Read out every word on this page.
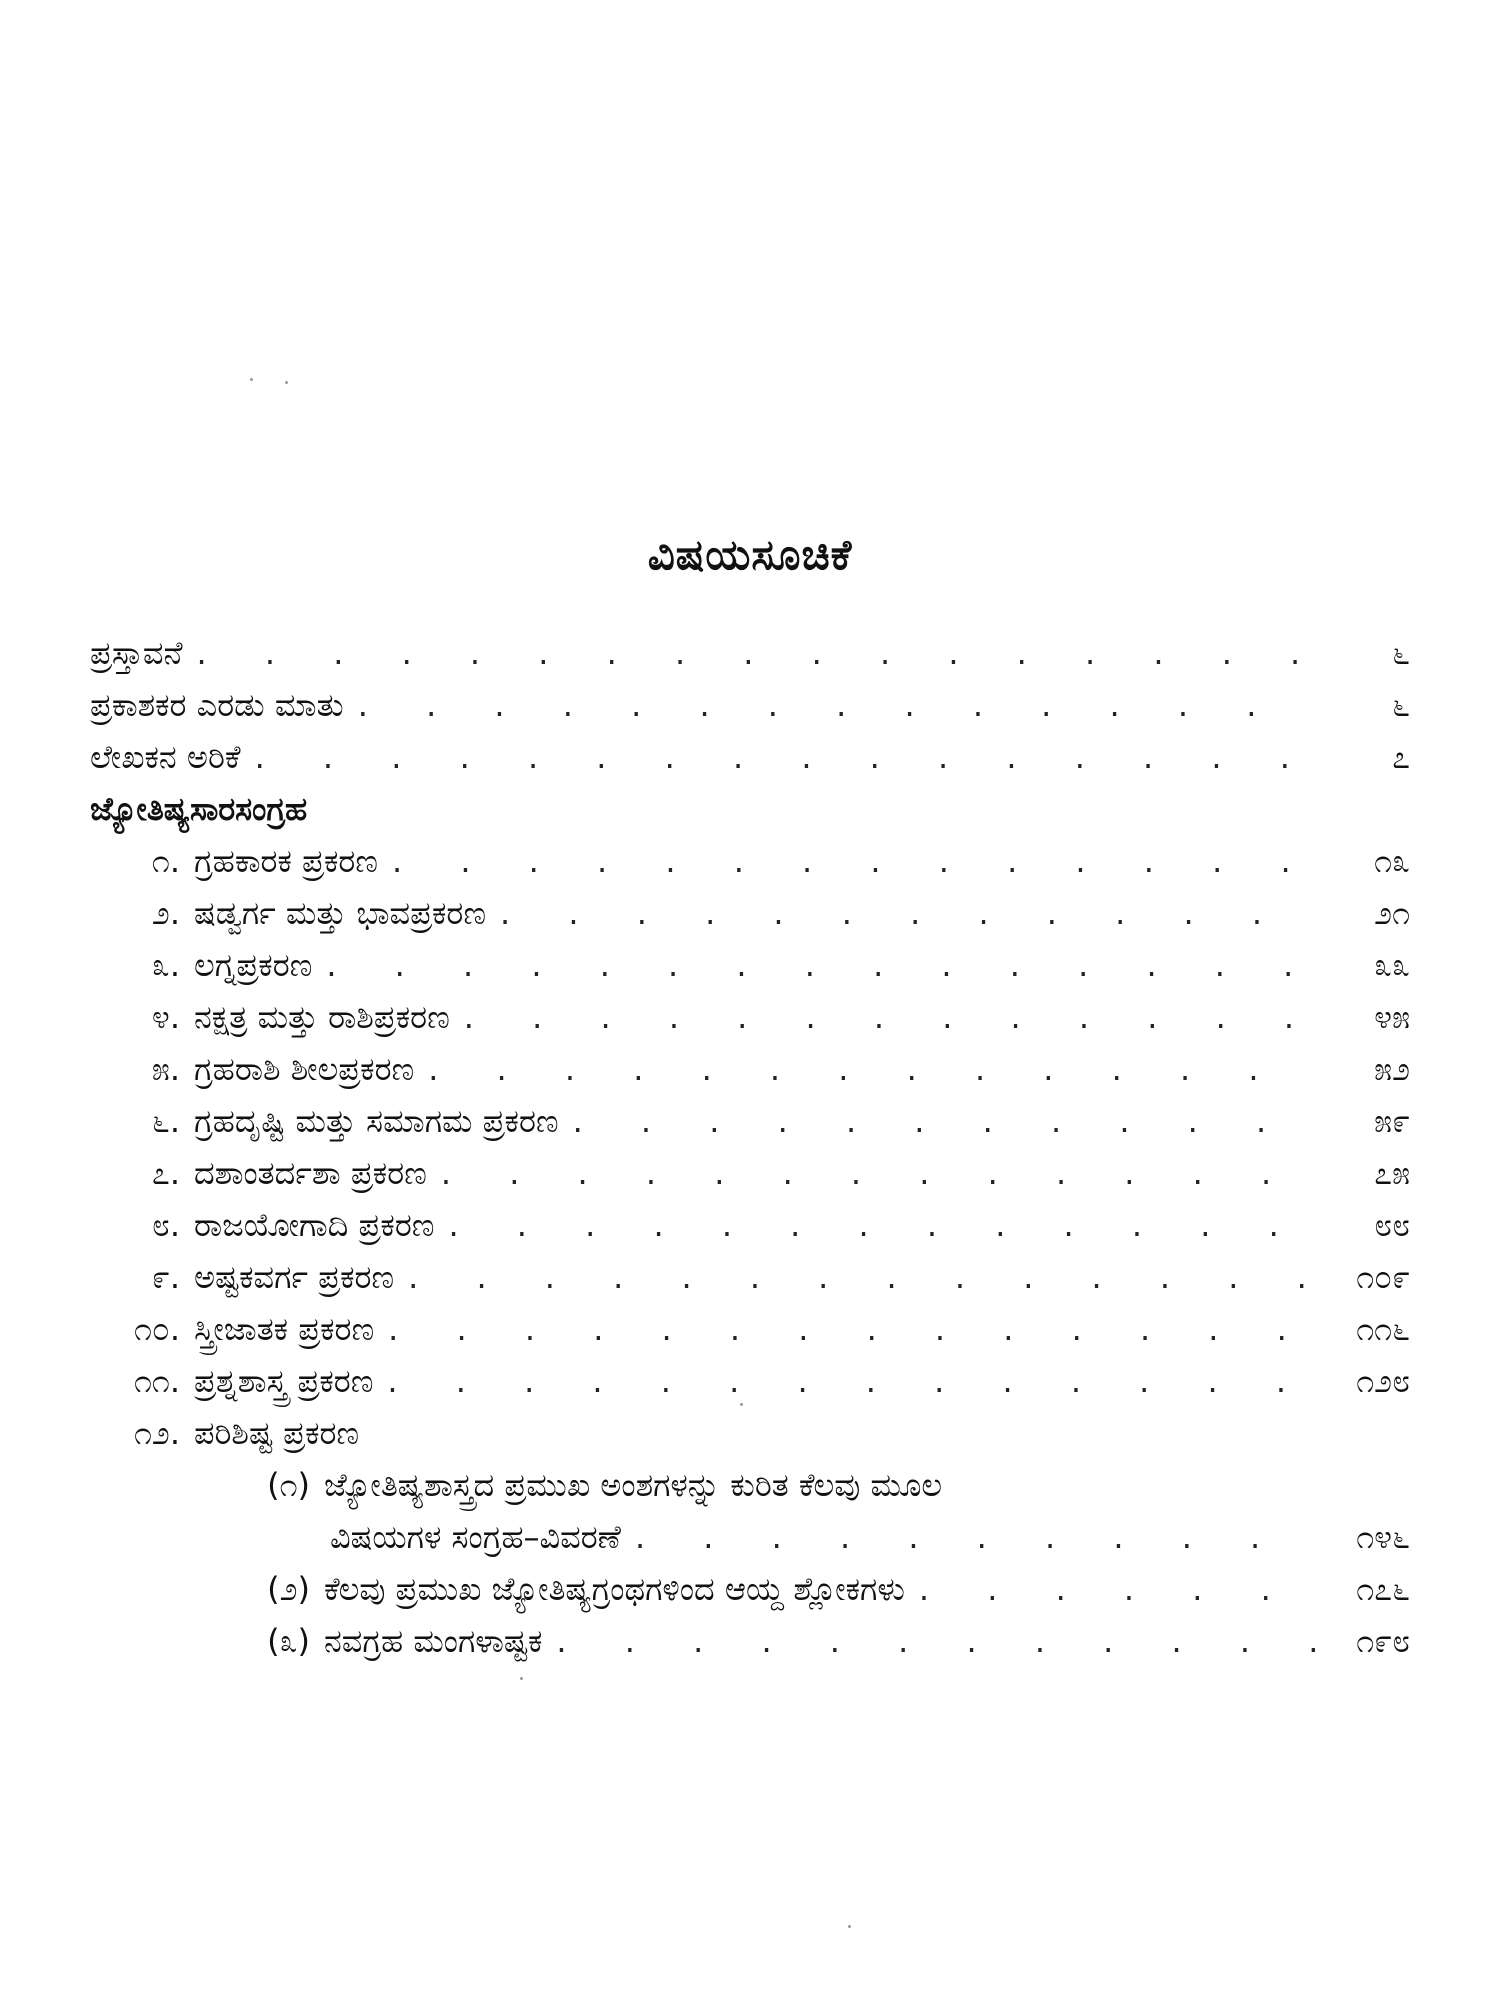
ವಿಷಯಸೂಚಿಕೆ
ಪ್ರಸ್ತಾವನೆ . . .	೬
ಪ್ರಕಾಶಕರ ಎರಡು ಮಾತು . . .	೬
ಲೇಖಕನ ಅರಿಕೆ . . .	೭
ಜ್ಯೋತಿಷ್ಯಸಾರಸಂಗ್ರಹ
೧. ಗ್ರಹಕಾರಕ ಪ್ರಕರಣ . . .	೧೩
೨. ಷಡ್ವರ್ಗ ಮತ್ತು ಭಾವಪ್ರಕರಣ . . .	೨೧
೩. ಲಗ್ನಪ್ರಕರಣ . . .	೩೩
೪. ನಕ್ಷತ್ರ ಮತ್ತು ರಾಶಿಪ್ರಕರಣ . . .	೪೫
೫. ಗ್ರಹರಾಶಿ ಶೀಲಪ್ರಕರಣ . . .	೫೨
೬. ಗ್ರಹದೃಷ್ಟಿ ಮತ್ತು ಸಮಾಗಮ ಪ್ರಕರಣ . . .	೫೯
೭. ದಶಾಂತರ್ದಶಾ ಪ್ರಕರಣ . . .	೭೫
೮. ರಾಜಯೋಗಾದಿ ಪ್ರಕರಣ . . .	೮೮
೯. ಅಷ್ಟಕವರ್ಗ ಪ್ರಕರಣ . . .	೧೦೯
೧೦. ಸ್ತ್ರೀಜಾತಕ ಪ್ರಕರಣ . . .	೧೧೬
೧೧. ಪ್ರಶ್ನಶಾಸ್ತ್ರ ಪ್ರಕರಣ . . .	೧೨೮
೧೨. ಪರಿಶಿಷ್ಟ ಪ್ರಕರಣ
(೧) ಜ್ಯೋತಿಷ್ಯಶಾಸ್ತ್ರದ ಪ್ರಮುಖ ಅಂಶಗಳನ್ನು ಕುರಿತ ಕೆಲವು ಮೂಲ
ವಿಷಯಗಳ ಸಂಗ್ರಹ–ವಿವರಣೆ . . .	೧೪೬
(೨) ಕೆಲವು ಪ್ರಮುಖ ಜ್ಯೋತಿಷ್ಯಗ್ರಂಥಗಳಿಂದ ಆಯ್ದ ಶ್ಲೋಕಗಳು . . .	೧೭೬
(೩) ನವಗ್ರಹ ಮಂಗಳಾಷ್ಟಕ . . .	೧೯೮
